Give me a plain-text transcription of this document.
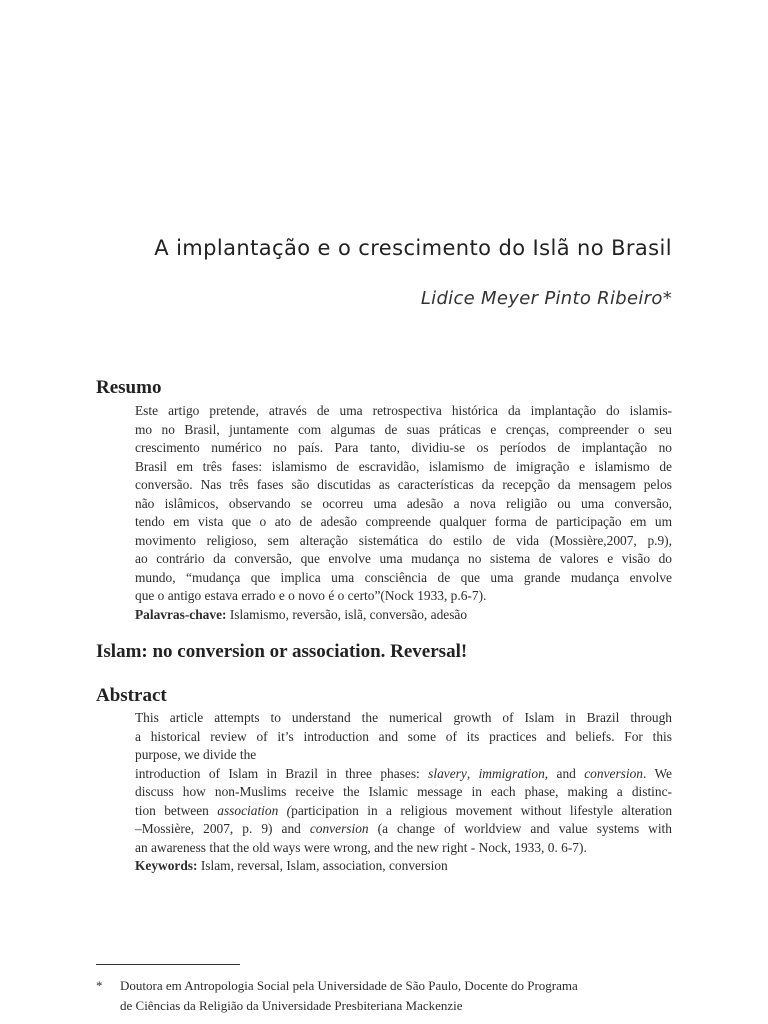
A implantação e o crescimento do Islã no Brasil

Lidice Meyer Pinto Ribeiro*

Resumo
Este artigo pretende, através de uma retrospectiva histórica da implantação do islamis-
mo no Brasil, juntamente com algumas de suas práticas e crenças, compreender o seu
crescimento numérico no país. Para tanto, dividiu-se os períodos de implantação no
Brasil em três fases: islamismo de escravidão, islamismo de imigração e islamismo de
conversão. Nas três fases são discutidas as características da recepção da mensagem pelos
não islâmicos, observando se ocorreu uma adesão a nova religião ou uma conversão,
tendo em vista que o ato de adesão compreende qualquer forma de participação em um
movimento religioso, sem alteração sistemática do estilo de vida (Mossière,2007, p.9),
ao contrário da conversão, que envolve uma mudança no sistema de valores e visão do
mundo, “mudança que implica uma consciência de que uma grande mudança envolve
que o antigo estava errado e o novo é o certo”(Nock 1933, p.6-7).
Palavras-chave: Islamismo, reversão, islã, conversão, adesão
Islam: no conversion or association. Reversal!
Abstract
This article attempts to understand the numerical growth of Islam in Brazil through
a historical review of it’s introduction and some of its practices and beliefs. For this
purpose, we divide the
introduction of Islam in Brazil in three phases: slavery, immigration, and conversion. We
discuss how non-Muslims receive the Islamic message in each phase, making a distinc-
tion between association (participation in a religious movement without lifestyle alteration
–Mossière, 2007, p. 9) and conversion (a change of worldview and value systems with
an awareness that the old ways were wrong, and the new right - Nock, 1933, 0. 6-7).
Keywords: Islam, reversal, Islam, association, conversion
* Doutora em Antropologia Social pela Universidade de São Paulo, Docente do Programa
de Ciências da Religião da Universidade Presbiteriana Mackenzie
